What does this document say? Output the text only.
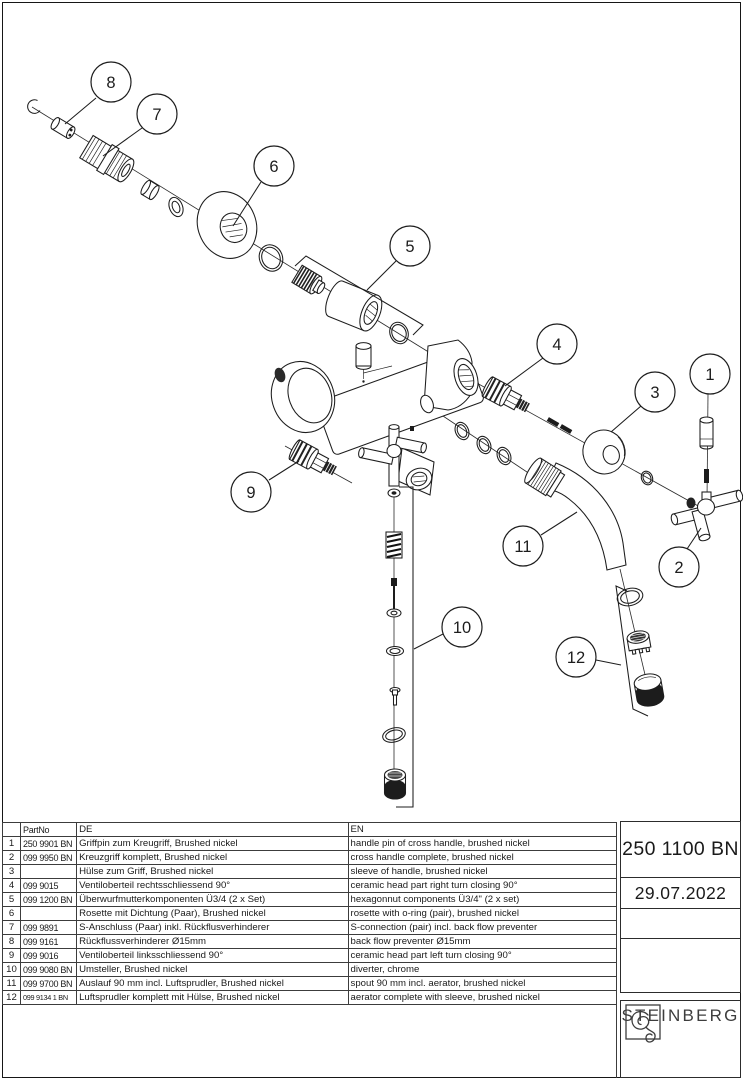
8
7
6
5
4
3
1
2
9
11
10
12
	PartNo	DE	EN
1	250 9901 BN	Griffpin zum Kreugriff, Brushed nickel	handle pin of cross handle, brushed nickel
2	099 9950 BN	Kreuzgriff komplett, Brushed nickel	cross handle complete, brushed nickel
3		Hülse zum Griff, Brushed nickel	sleeve of handle, brushed nickel
4	099 9015	Ventiloberteil rechtsschliessend 90°	ceramic head part right turn closing 90°
5	099 1200 BN	Überwurfmutterkomponenten Ü3/4 (2 x Set)	hexagonnut components Ü3/4" (2 x set)
6		Rosette mit Dichtung (Paar), Brushed nickel	rosette with o-ring (pair), brushed nickel
7	099 9891	S-Anschluss (Paar) inkl. Rückflusverhinderer	S-connection (pair) incl. back flow preventer
8	099 9161	Rückflussverhinderer Ø15mm	back flow preventer Ø15mm
9	099 9016	Ventiloberteil linksschliessend 90°	ceramic head part left turn closing 90°
10	099 9080 BN	Umsteller, Brushed nickel	diverter, chrome
11	099 9700 BN	Auslauf 90 mm incl. Luftsprudler, Brushed nickel	spout 90 mm incl. aerator, brushed nickel
12	099 9134 1 BN	Luftsprudler komplett mit Hülse, Brushed nickel	aerator complete with sleeve, brushed nickel
250 1100 BN
29.07.2022
STEINBERG
